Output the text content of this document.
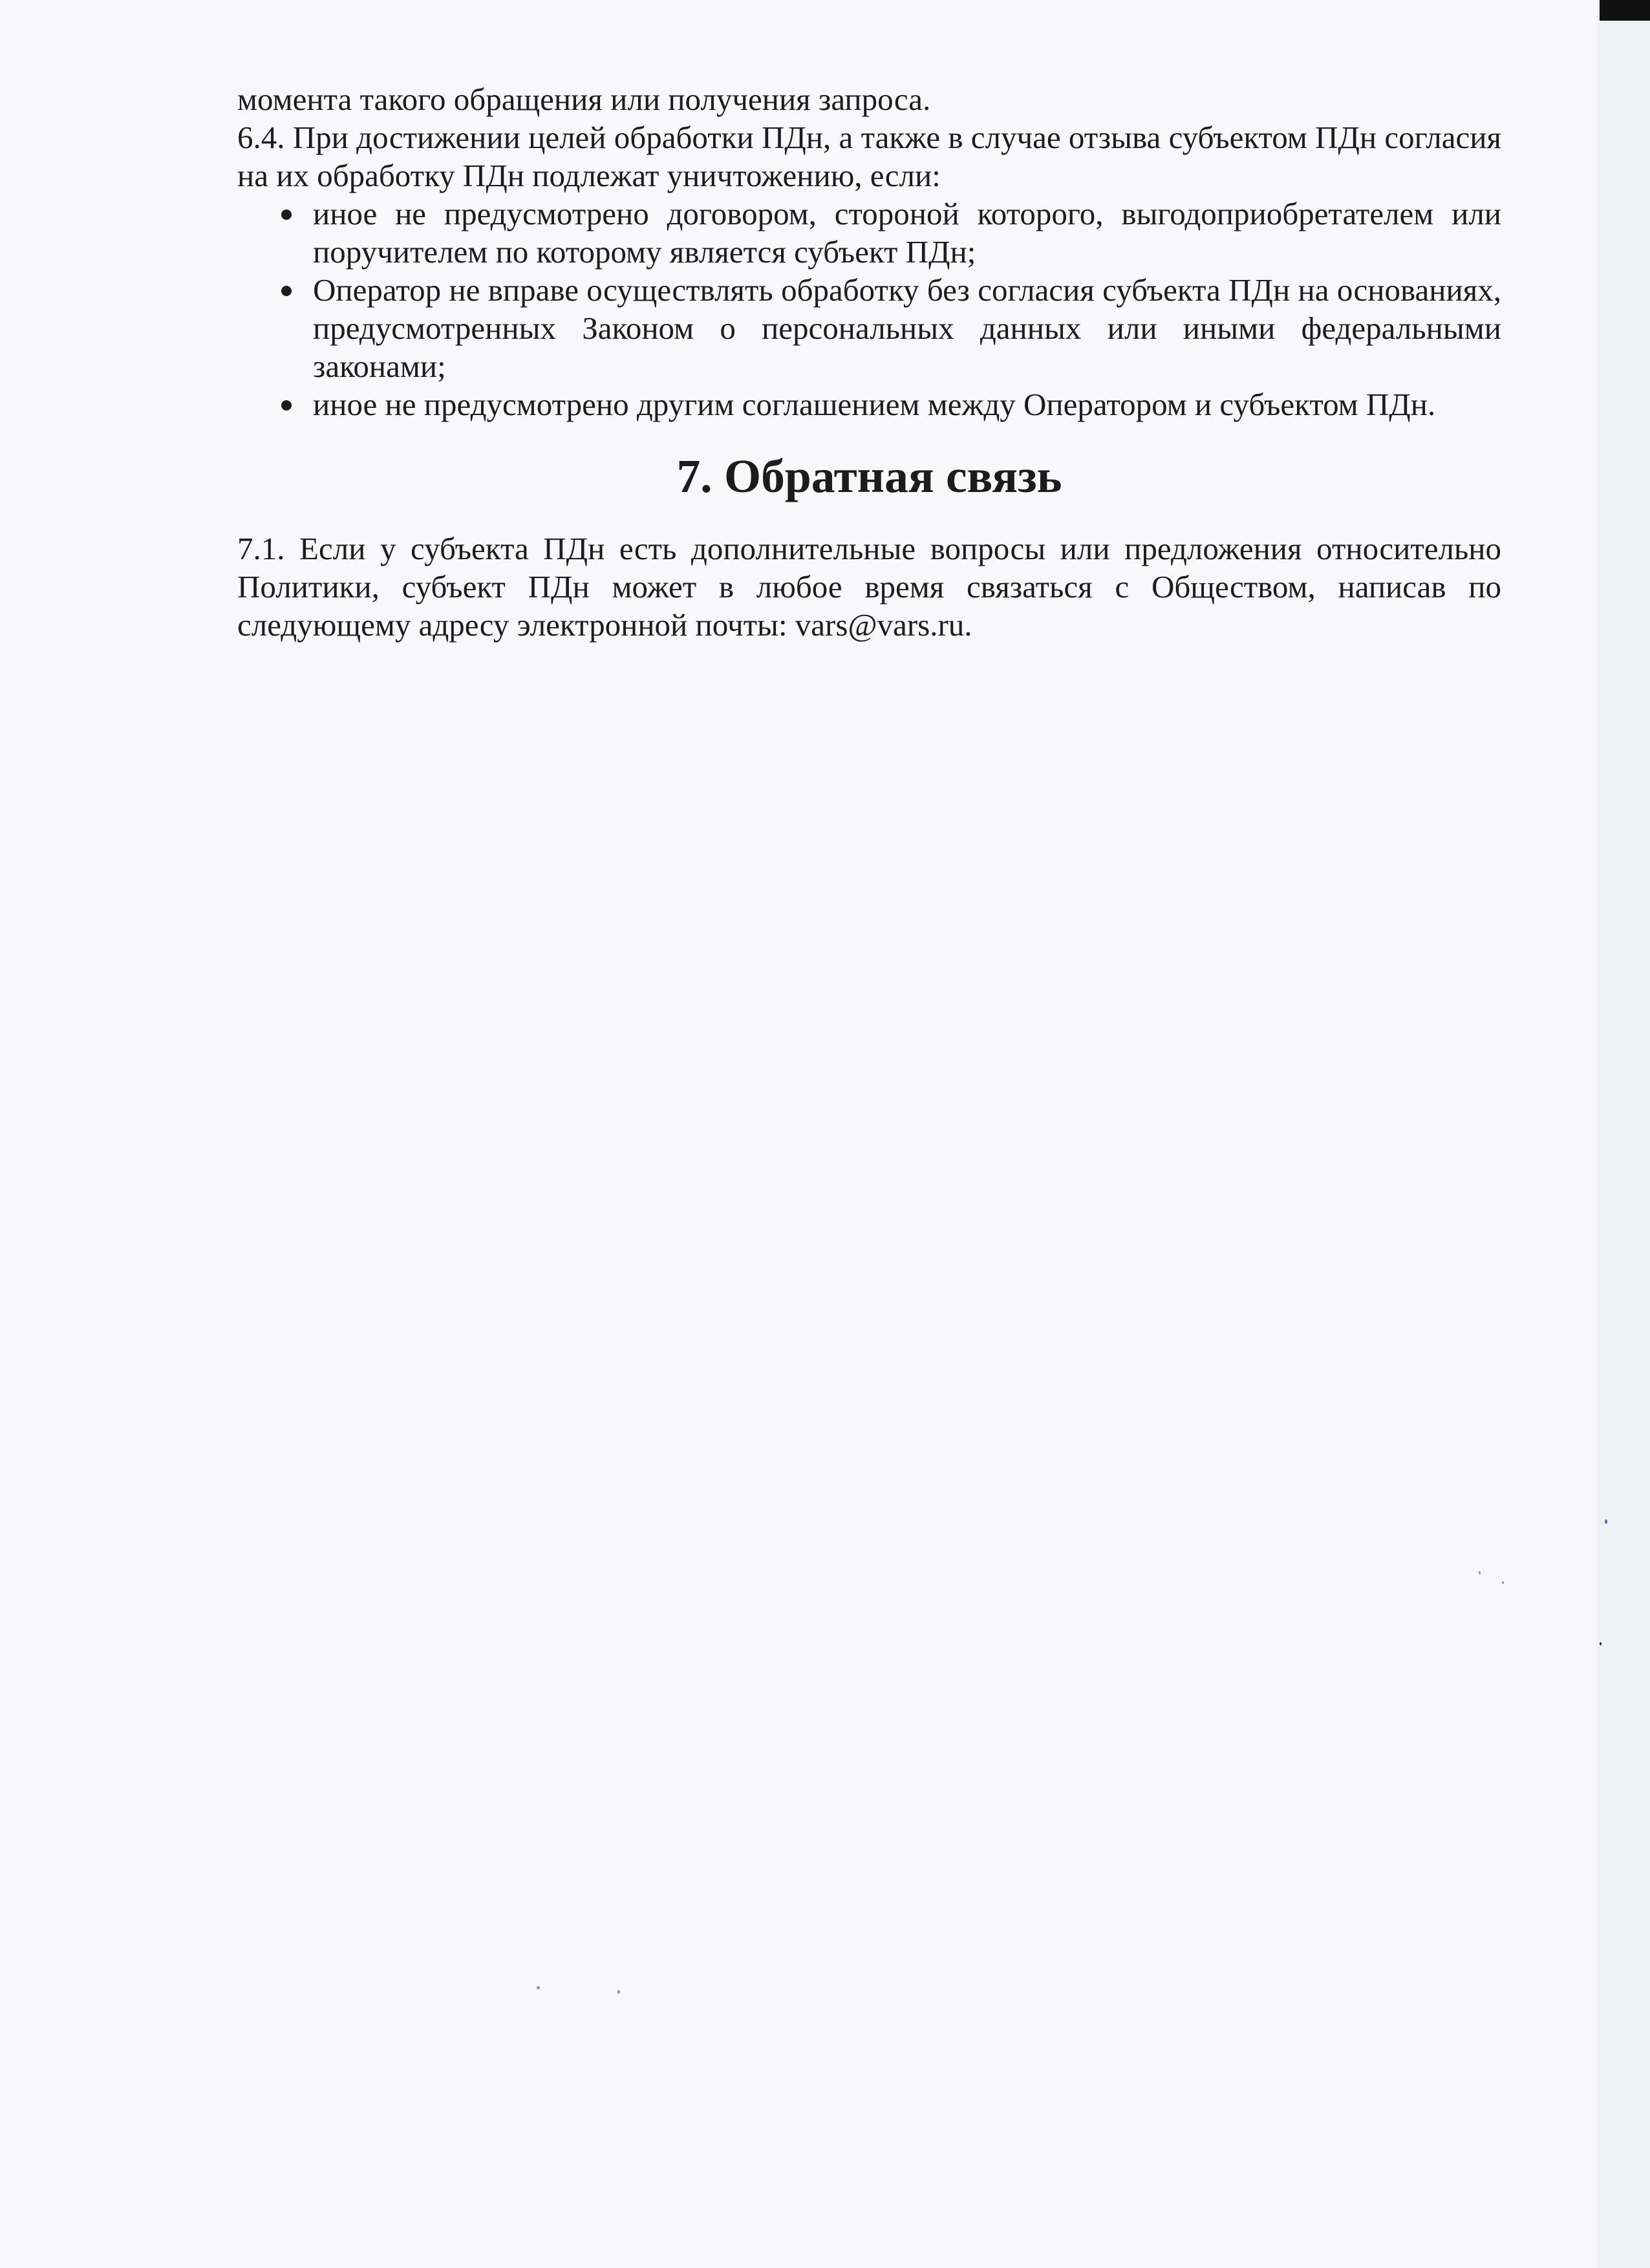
момента такого обращения или получения запроса.

6.4. При достижении целей обработки ПДн, а также в случае отзыва субъектом ПДн согласия на их обработку ПДн подлежат уничтожению, если:

иное не предусмотрено договором, стороной которого, выгодоприобретателем или поручителем по которому является субъект ПДн;
Оператор не вправе осуществлять обработку без согласия субъекта ПДн на основаниях, предусмотренных Законом о персональных данных или иными федеральными законами;
иное не предусмотрено другим соглашением между Оператором и субъектом ПДн.
7. Обратная связь

7.1. Если у субъекта ПДн есть дополнительные вопросы или предложения относительно Политики, субъект ПДн может в любое время связаться с Обществом, написав по следующему адресу электронной почты: vars@vars.ru.
